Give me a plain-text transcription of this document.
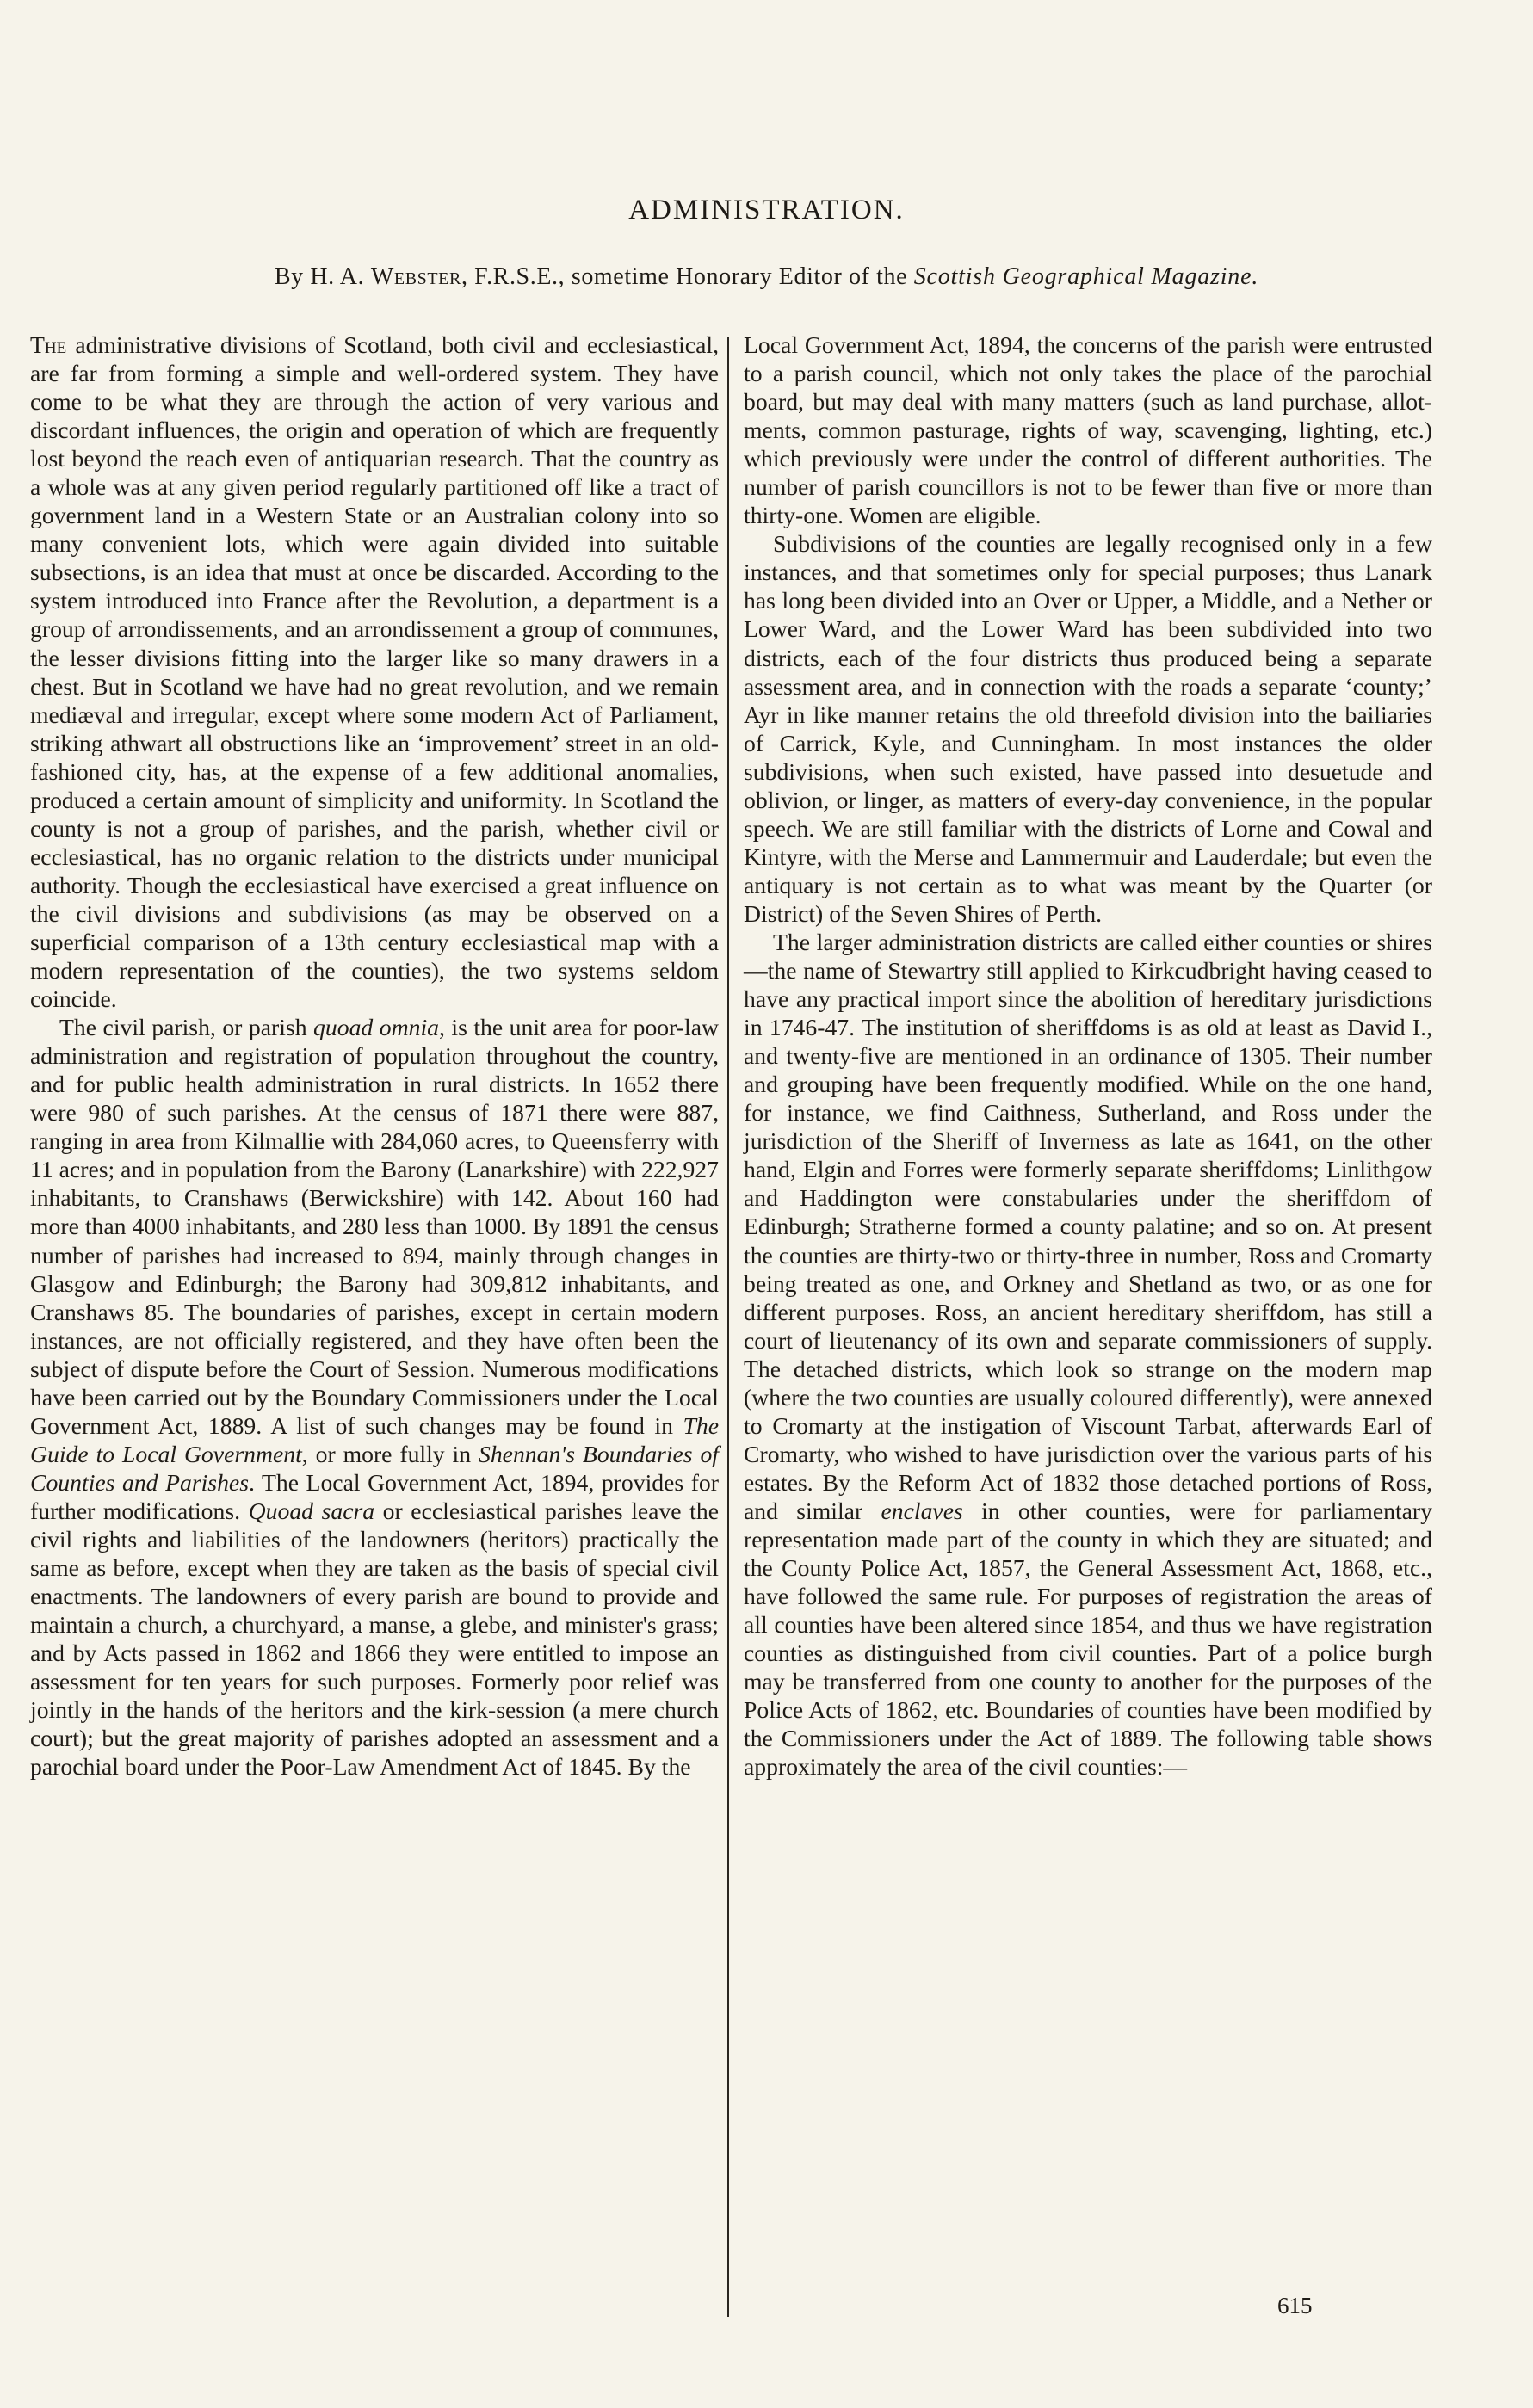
ADMINISTRATION.
By H. A. Webster, F.R.S.E., sometime Honorary Editor of the Scottish Geographical Magazine.

The administrative divisions of Scotland, both civil and ecclesiastical, are far from forming a simple and well-ordered system. They have come to be what they are through the action of very various and discordant influences, the origin and operation of which are frequently lost beyond the reach even of antiquarian research. That the country as a whole was at any given period regularly partitioned off like a tract of government land in a Western State or an Australian colony into so many convenient lots, which were again divided into suitable subsections, is an idea that must at once be discarded. According to the system introduced into France after the Revolution, a department is a group of arrondissements, and an arrondissement a group of communes, the lesser divisions fitting into the larger like so many drawers in a chest. But in Scotland we have had no great revolution, and we remain mediæval and irregular, except where some modern Act of Parliament, striking athwart all obstructions like an ‘improvement’ street in an old-fashioned city, has, at the expense of a few additional anomalies, produced a certain amount of simplicity and uniformity. In Scotland the county is not a group of parishes, and the parish, whether civil or ecclesiastical, has no organic relation to the districts under municipal authority. Though the ecclesiastical have exercised a great influence on the civil divisions and subdivisions (as may be observed on a superficial comparison of a 13th century ecclesiastical map with a modern representation of the counties), the two systems seldom coincide.

The civil parish, or parish quoad omnia, is the unit area for poor-law administration and registration of population throughout the country, and for public health administration in rural districts. In 1652 there were 980 of such parishes. At the census of 1871 there were 887, ranging in area from Kilmallie with 284,060 acres, to Queensferry with 11 acres; and in population from the Barony (Lanarkshire) with 222,927 inhabitants, to Cranshaws (Berwickshire) with 142. About 160 had more than 4000 inhabitants, and 280 less than 1000. By 1891 the census number of parishes had increased to 894, mainly through changes in Glasgow and Edinburgh; the Barony had 309,812 inhabitants, and Cranshaws 85. The boundaries of parishes, except in certain modern instances, are not officially registered, and they have often been the subject of dispute before the Court of Session. Numerous modifications have been carried out by the Boundary Commissioners under the Local Government Act, 1889. A list of such changes may be found in The Guide to Local Government, or more fully in Shennan's Boundaries of Counties and Parishes. The Local Government Act, 1894, provides for further modifications. Quoad sacra or ecclesiastical parishes leave the civil rights and liabilities of the landowners (heritors) practically the same as before, except when they are taken as the basis of special civil enactments. The landowners of every parish are bound to provide and maintain a church, a churchyard, a manse, a glebe, and minister's grass; and by Acts passed in 1862 and 1866 they were entitled to impose an assessment for ten years for such purposes. Formerly poor relief was jointly in the hands of the heritors and the kirk-session (a mere church court); but the great majority of parishes adopted an assessment and a parochial board under the Poor-Law Amendment Act of 1845. By the

Local Government Act, 1894, the concerns of the parish were entrusted to a parish council, which not only takes the place of the parochial board, but may deal with many matters (such as land purchase, allotments, common pasturage, rights of way, scavenging, lighting, etc.) which previously were under the control of different authorities. The number of parish councillors is not to be fewer than five or more than thirty-one. Women are eligible.

Subdivisions of the counties are legally recognised only in a few instances, and that sometimes only for special purposes; thus Lanark has long been divided into an Over or Upper, a Middle, and a Nether or Lower Ward, and the Lower Ward has been subdivided into two districts, each of the four districts thus produced being a separate assessment area, and in connection with the roads a separate ‘county;’ Ayr in like manner retains the old threefold division into the bailiaries of Carrick, Kyle, and Cunningham. In most instances the older subdivisions, when such existed, have passed into desuetude and oblivion, or linger, as matters of every-day convenience, in the popular speech. We are still familiar with the districts of Lorne and Cowal and Kintyre, with the Merse and Lammermuir and Lauderdale; but even the antiquary is not certain as to what was meant by the Quarter (or District) of the Seven Shires of Perth.

The larger administration districts are called either counties or shires—the name of Stewartry still applied to Kirkcudbright having ceased to have any practical import since the abolition of hereditary jurisdictions in 1746-47. The institution of sheriffdoms is as old at least as David I., and twenty-five are mentioned in an ordinance of 1305. Their number and grouping have been frequently modified. While on the one hand, for instance, we find Caithness, Sutherland, and Ross under the jurisdiction of the Sheriff of Inverness as late as 1641, on the other hand, Elgin and Forres were formerly separate sheriffdoms; Linlithgow and Haddington were constabularies under the sheriffdom of Edinburgh; Stratherne formed a county palatine; and so on. At present the counties are thirty-two or thirty-three in number, Ross and Cromarty being treated as one, and Orkney and Shetland as two, or as one for different purposes. Ross, an ancient hereditary sheriffdom, has still a court of lieutenancy of its own and separate commissioners of supply. The detached districts, which look so strange on the modern map (where the two counties are usually coloured differently), were annexed to Cromarty at the instigation of Viscount Tarbat, afterwards Earl of Cromarty, who wished to have jurisdiction over the various parts of his estates. By the Reform Act of 1832 those detached portions of Ross, and similar enclaves in other counties, were for parliamentary representation made part of the county in which they are situated; and the County Police Act, 1857, the General Assessment Act, 1868, etc., have followed the same rule. For purposes of registration the areas of all counties have been altered since 1854, and thus we have registration counties as distinguished from civil counties. Part of a police burgh may be transferred from one county to another for the purposes of the Police Acts of 1862, etc. Boundaries of counties have been modified by the Commissioners under the Act of 1889. The following table shows approximately the area of the civil counties:—

615
